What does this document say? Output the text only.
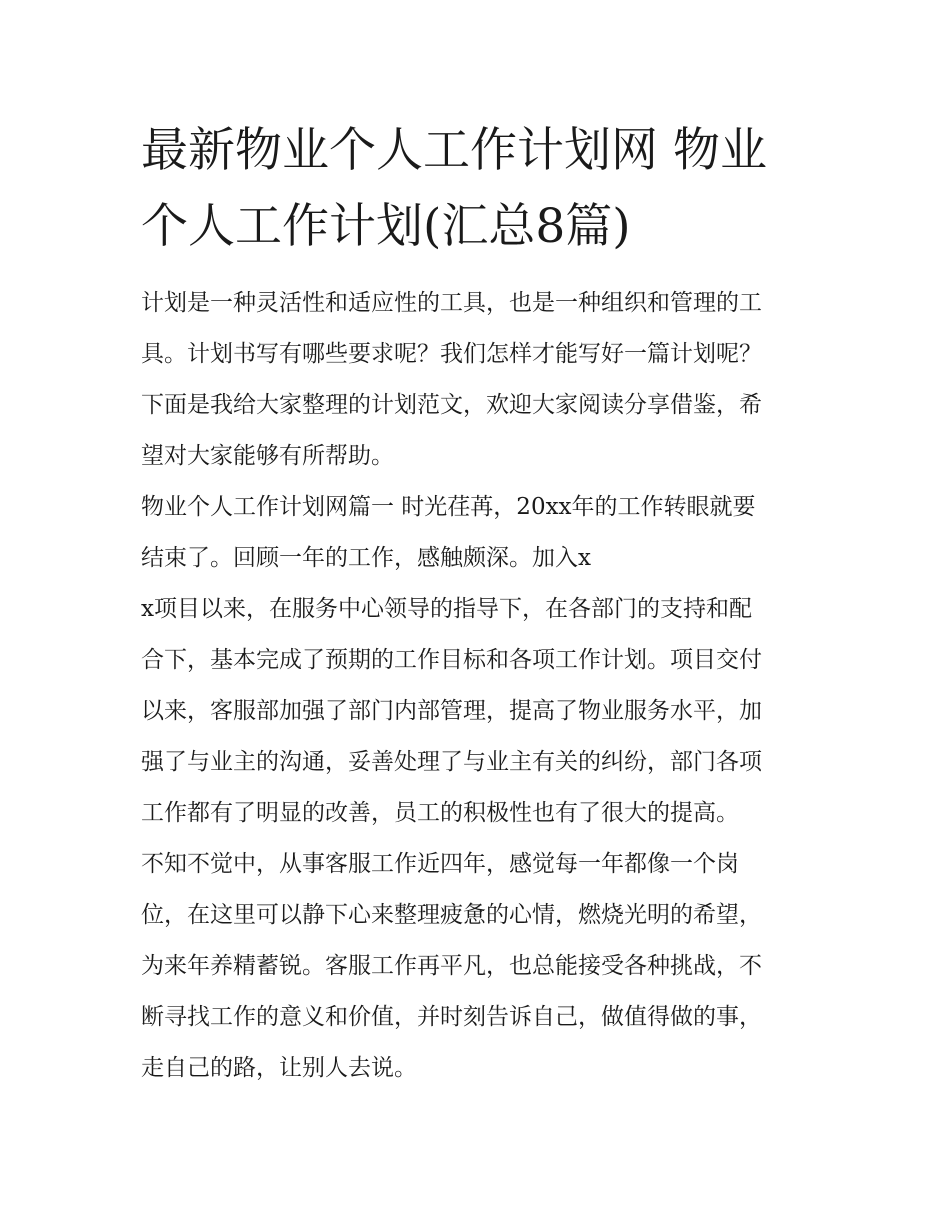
最新物业个人工作计划网 物业
个人工作计划(汇总8篇)
计划是一种灵活性和适应性的工具，也是一种组织和管理的工
具。计划书写有哪些要求呢？我们怎样才能写好一篇计划呢？
下面是我给大家整理的计划范文，欢迎大家阅读分享借鉴，希
望对大家能够有所帮助。
物业个人工作计划网篇一 时光荏苒，20xx年的工作转眼就要
结束了。回顾一年的工作，感触颇深。加入x
x项目以来，在服务中心领导的指导下，在各部门的支持和配
合下，基本完成了预期的工作目标和各项工作计划。项目交付
以来，客服部加强了部门内部管理，提高了物业服务水平，加
强了与业主的沟通，妥善处理了与业主有关的纠纷，部门各项
工作都有了明显的改善，员工的积极性也有了很大的提高。
不知不觉中，从事客服工作近四年，感觉每一年都像一个岗
位，在这里可以静下心来整理疲惫的心情，燃烧光明的希望，
为来年养精蓄锐。客服工作再平凡，也总能接受各种挑战，不
断寻找工作的意义和价值，并时刻告诉自己，做值得做的事，
走自己的路，让别人去说。
